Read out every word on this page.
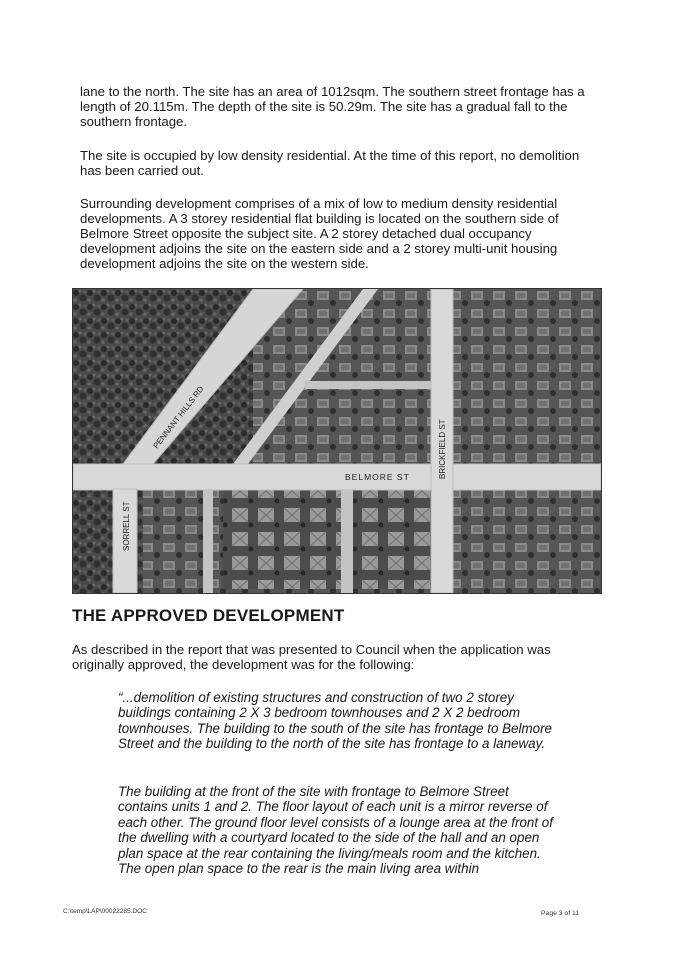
lane to the north. The site has an area of 1012sqm. The southern street frontage has a length of 20.115m. The depth of the site is 50.29m. The site has a gradual fall to the southern frontage.

The site is occupied by low density residential. At the time of this report, no demolition has been carried out.

Surrounding development comprises of a mix of low to medium density residential developments. A 3 storey residential flat building is located on the southern side of Belmore Street opposite the subject site. A 2 storey detached dual occupancy development adjoins the site on the eastern side and a 2 storey multi-unit housing development adjoins the site on the western side.

PENNANT HILLS RD
BELMORE ST	BRICKFIELD ST
SORRELL ST
THE APPROVED DEVELOPMENT

As described in the report that was presented to Council when the application was originally approved, the development was for the following:

“...demolition of existing structures and construction of two 2 storey buildings containing 2 X 3 bedroom townhouses and 2 X 2 bedroom townhouses. The building to the south of the site has frontage to Belmore Street and the building to the north of the site has frontage to a laneway.

The building at the front of the site with frontage to Belmore Street contains units 1 and 2. The floor layout of each unit is a mirror reverse of each other. The ground floor level consists of a lounge area at the front of the dwelling with a courtyard located to the side of the hall and an open plan space at the rear containing the living/meals room and the kitchen. The open plan space to the rear is the main living area within

C:\temp\LAP\00022285.DOC	Page 3 of 11
